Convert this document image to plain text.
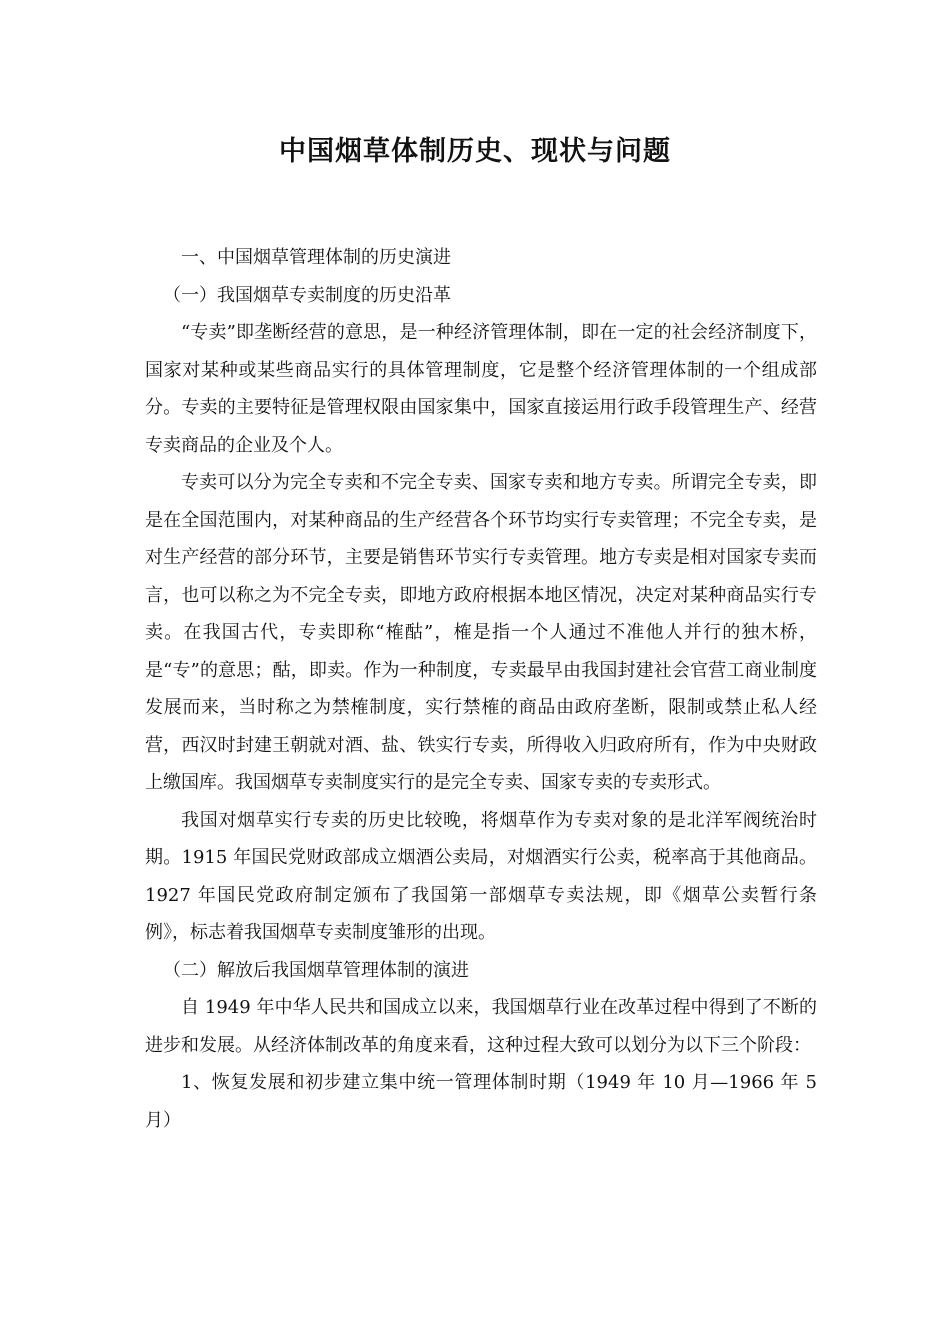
中国烟草体制历史、现状与问题

一、中国烟草管理体制的历史演进

（一）我国烟草专卖制度的历史沿革

“专卖”即垄断经营的意思，是一种经济管理体制，即在一定的社会经济制度下，国家对某种或某些商品实行的具体管理制度，它是整个经济管理体制的一个组成部分。专卖的主要特征是管理权限由国家集中，国家直接运用行政手段管理生产、经营专卖商品的企业及个人。

专卖可以分为完全专卖和不完全专卖、国家专卖和地方专卖。所谓完全专卖，即是在全国范围内，对某种商品的生产经营各个环节均实行专卖管理；不完全专卖，是对生产经营的部分环节，主要是销售环节实行专卖管理。地方专卖是相对国家专卖而言，也可以称之为不完全专卖，即地方政府根据本地区情况，决定对某种商品实行专卖。在我国古代，专卖即称“榷酤”，榷是指一个人通过不准他人并行的独木桥，是“专”的意思；酤，即卖。作为一种制度，专卖最早由我国封建社会官营工商业制度发展而来，当时称之为禁榷制度，实行禁榷的商品由政府垄断，限制或禁止私人经营，西汉时封建王朝就对酒、盐、铁实行专卖，所得收入归政府所有，作为中央财政上缴国库。我国烟草专卖制度实行的是完全专卖、国家专卖的专卖形式。

我国对烟草实行专卖的历史比较晚，将烟草作为专卖对象的是北洋军阀统治时期。1915 年国民党财政部成立烟酒公卖局，对烟酒实行公卖，税率高于其他商品。1927 年国民党政府制定颁布了我国第一部烟草专卖法规，即《烟草公卖暂行条例》，标志着我国烟草专卖制度雏形的出现。

（二）解放后我国烟草管理体制的演进

自 1949 年中华人民共和国成立以来，我国烟草行业在改革过程中得到了不断的进步和发展。从经济体制改革的角度来看，这种过程大致可以划分为以下三个阶段：

1、恢复发展和初步建立集中统一管理体制时期（1949 年 10 月—1966 年 5 月）
